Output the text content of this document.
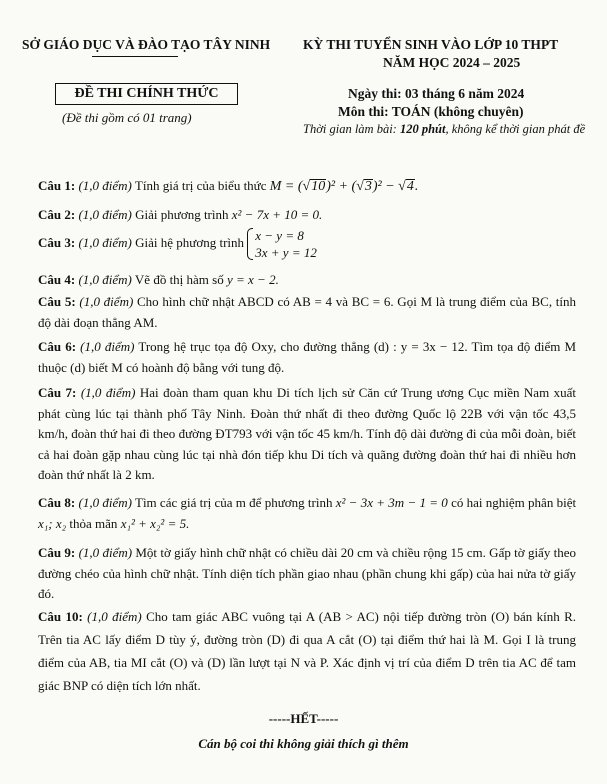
SỞ GIÁO DỤC VÀ ĐÀO TẠO TÂY NINH KỲ THI TUYỂN SINH VÀO LỚP 10 THPT
NĂM HỌC 2024 – 2025
ĐỀ THI CHÍNH THỨC
(Đề thi gồm có 01 trang)
Ngày thi: 03 tháng 6 năm 2024
Môn thi: TOÁN (không chuyên)
Thời gian làm bài: 120 phút, không kể thời gian phát đề
Câu 1: (1,0 điểm) Tính giá trị của biểu thức M = (√10)² + (√3)² − √4.
Câu 2: (1,0 điểm) Giải phương trình x² − 7x + 10 = 0.
Câu 3: (1,0 điểm) Giải hệ phương trình x − y = 8
3x + y = 12
Câu 4: (1,0 điểm) Vẽ đồ thị hàm số y = x − 2.
Câu 5: (1,0 điểm) Cho hình chữ nhật ABCD có AB = 4 và BC = 6. Gọi M là trung điểm của BC, tính độ dài đoạn thẳng AM.
Câu 6: (1,0 điểm) Trong hệ trục tọa độ Oxy, cho đường thẳng (d) : y = 3x − 12. Tìm tọa độ điểm M thuộc (d) biết M có hoành độ bằng với tung độ.
Câu 7: (1,0 điểm) Hai đoàn tham quan khu Di tích lịch sử Căn cứ Trung ương Cục miền Nam xuất phát cùng lúc tại thành phố Tây Ninh. Đoàn thứ nhất đi theo đường Quốc lộ 22B với vận tốc 43,5 km/h, đoàn thứ hai đi theo đường ĐT793 với vận tốc 45 km/h. Tính độ dài đường đi của mỗi đoàn, biết cả hai đoàn gặp nhau cùng lúc tại nhà đón tiếp khu Di tích và quãng đường đoàn thứ hai đi nhiều hơn đoàn thứ nhất là 2 km.
Câu 8: (1,0 điểm) Tìm các giá trị của m để phương trình x² − 3x + 3m − 1 = 0 có hai nghiệm phân biệt x₁; x₂ thỏa mãn x₁² + x₂² = 5.
Câu 9: (1,0 điểm) Một tờ giấy hình chữ nhật có chiều dài 20 cm và chiều rộng 15 cm. Gấp tờ giấy theo đường chéo của hình chữ nhật. Tính diện tích phần giao nhau (phần chung khi gấp) của hai nửa tờ giấy đó.
Câu 10: (1,0 điểm) Cho tam giác ABC vuông tại A (AB > AC) nội tiếp đường tròn (O) bán kính R. Trên tia AC lấy điểm D tùy ý, đường tròn (D) đi qua A cắt (O) tại điểm thứ hai là M. Gọi I là trung điểm của AB, tia MI cắt (O) và (D) lần lượt tại N và P. Xác định vị trí của điểm D trên tia AC để tam giác BNP có diện tích lớn nhất.
-----HẾT-----
Cán bộ coi thi không giải thích gì thêm
